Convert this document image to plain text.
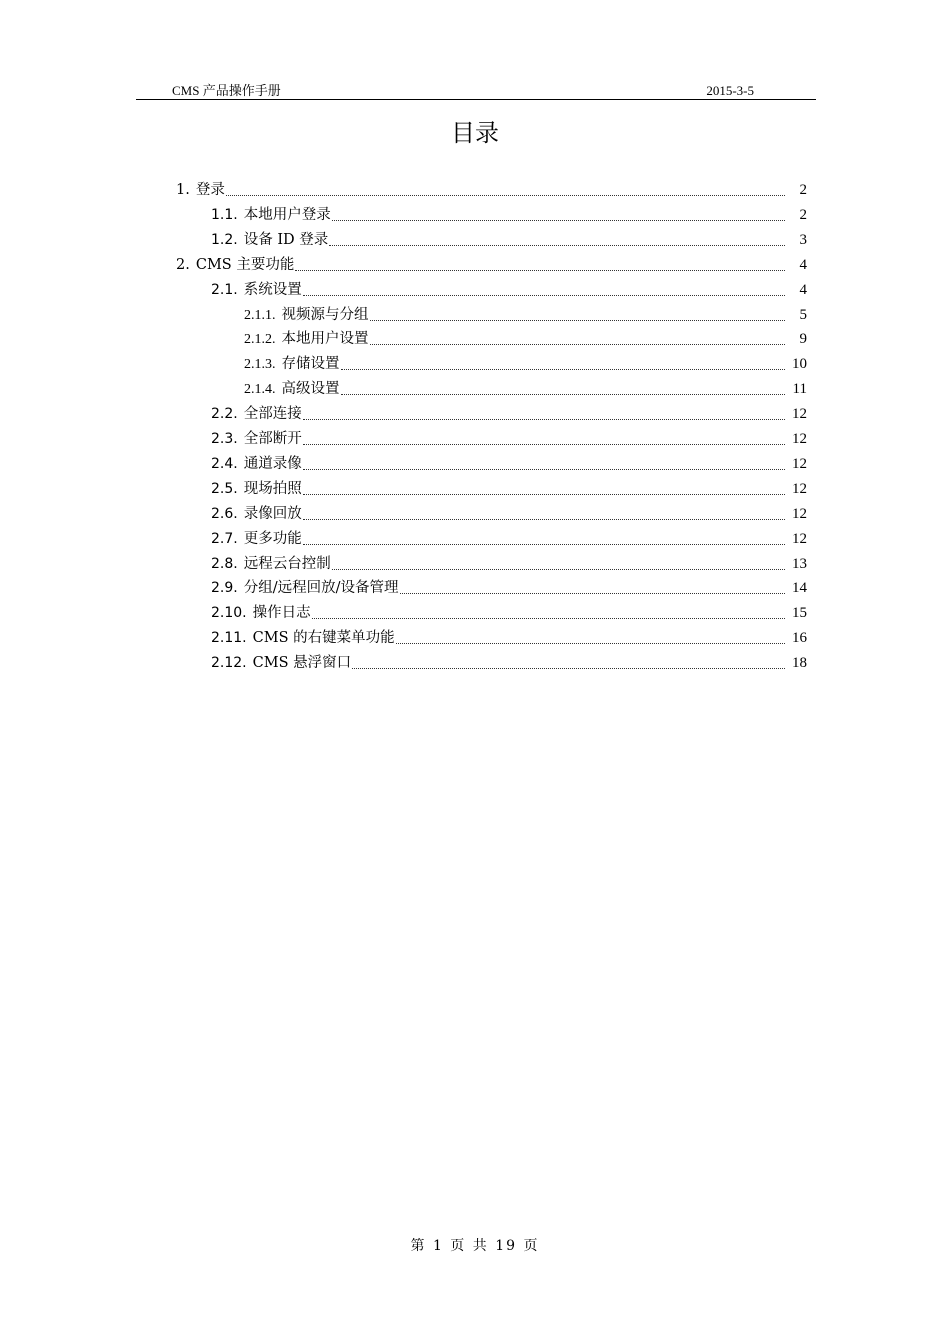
CMS 产品操作手册	2015-3-5
目录
1. 登录	2
1.1. 本地用户登录	2
1.2. 设备 ID 登录	3
2. CMS 主要功能	4
2.1. 系统设置	4
2.1.1. 视频源与分组	5
2.1.2. 本地用户设置	9
2.1.3. 存储设置	10
2.1.4. 高级设置	11
2.2. 全部连接	12
2.3. 全部断开	12
2.4. 通道录像	12
2.5. 现场拍照	12
2.6. 录像回放	12
2.7. 更多功能	12
2.8. 远程云台控制	13
2.9. 分组/远程回放/设备管理	14
2.10. 操作日志	15
2.11. CMS 的右键菜单功能	16
2.12. CMS 悬浮窗口	18
第 1 页 共 19 页
